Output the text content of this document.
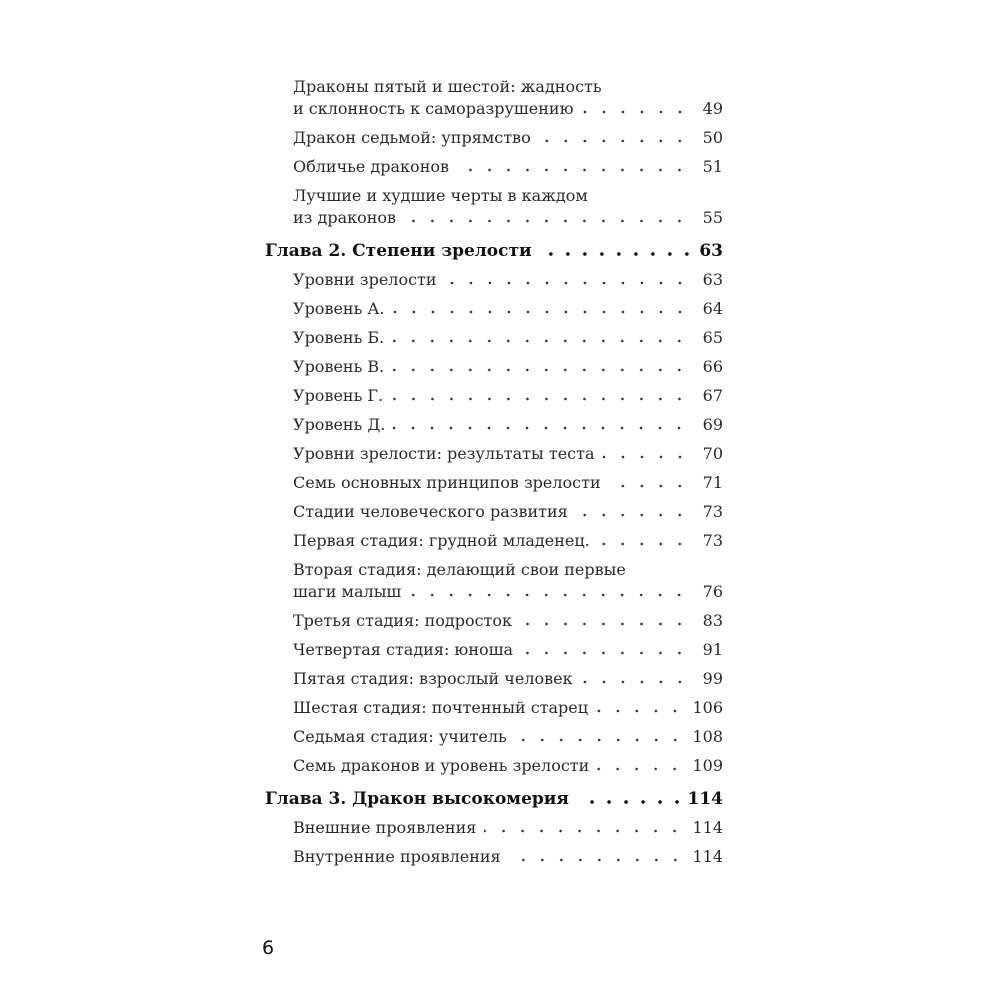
Драконы пятый и шестой: жадность
и склонность к саморазрушению	49
Дракон седьмой: упрямство	50
Обличье драконов	51
Лучшие и худшие черты в каждом
из драконов	55
Глава 2. Степени зрелости	63
Уровни зрелости	63
Уровень А.	64
Уровень Б.	65
Уровень В.	66
Уровень Г.	67
Уровень Д.	69
Уровни зрелости: результаты теста	70
Семь основных принципов зрелости	71
Стадии человеческого развития	73
Первая стадия: грудной младенец.	73
Вторая стадия: делающий свои первые
шаги малыш	76
Третья стадия: подросток	83
Четвертая стадия: юноша	91
Пятая стадия: взрослый человек	99
Шестая стадия: почтенный старец	106
Седьмая стадия: учитель	108
Семь драконов и уровень зрелости	109
Глава 3. Дракон высокомерия	114
Внешние проявления	114
Внутренние проявления	114
6
